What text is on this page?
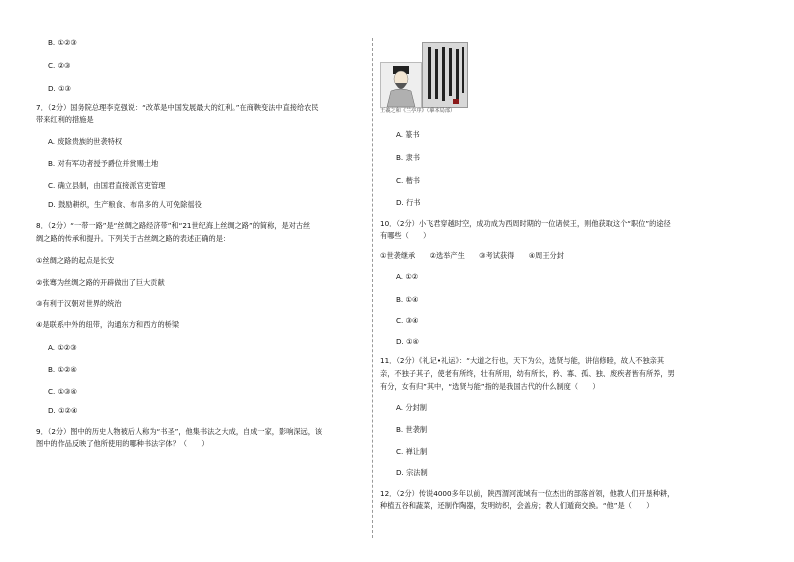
B. ①②③
C. ②③
D. ①③
7．（2分）国务院总理李克强说：“改革是中国发展最大的红利。”在商鞅变法中直接给农民
带来红利的措施是
A. 废除贵族的世袭特权
B. 对有军功者授予爵位并赏赐土地
C. 确立县制，由国君直接派官吏管理
D. 鼓励耕织，生产粮食、布帛多的人可免除徭役
8．（2分）“一带一路”是“丝绸之路经济带”和“21世纪海上丝绸之路”的简称，是对古丝
绸之路的传承和提升。下列关于古丝绸之路的表述正确的是：
①丝绸之路的起点是长安
②张骞为丝绸之路的开辟做出了巨大贡献
③有利于汉朝对世界的统治
④是联系中外的纽带，沟通东方和西方的桥梁
A. ①②③
B. ①②④
C. ①③④
D. ①②④
9．（2分）图中的历史人物被后人称为“书圣”，他集书法之大成，自成一家，影响深远，该
图中的作品反映了他所使用的哪种书法字体？（　　）
王羲之和《兰亭序》（摹本局部）
A. 篆书
B. 隶书
C. 楷书
D. 行书
10．（2分）小飞君穿越时空，成功成为西周时期的一位诸侯王，则他获取这个“职位”的途径
有哪些（　　）
①世袭继承　　②选举产生　　③考试获得　　④周王分封
A. ①②
B. ①④
C. ③④
D. ①④
11．（2分）《礼记•礼运》：“大道之行也，天下为公，选贤与能，讲信修睦，故人不独亲其
亲，不独子其子，使老有所终，壮有所用，幼有所长，矜、寡、孤、独、废疾者皆有所养，男
有分，女有归”其中，“选贤与能”指的是我国古代的什么制度（　　）
A. 分封制
B. 世袭制
C. 禅让制
D. 宗法制
12．（2分）传说4000多年以前，陕西渭河流域有一位杰出的部落首领，他教人们开垦种耕，
种植五谷和蔬菜，还制作陶器，发明纺织，会盖房；教人们遁商交换。“他”是（　　）
